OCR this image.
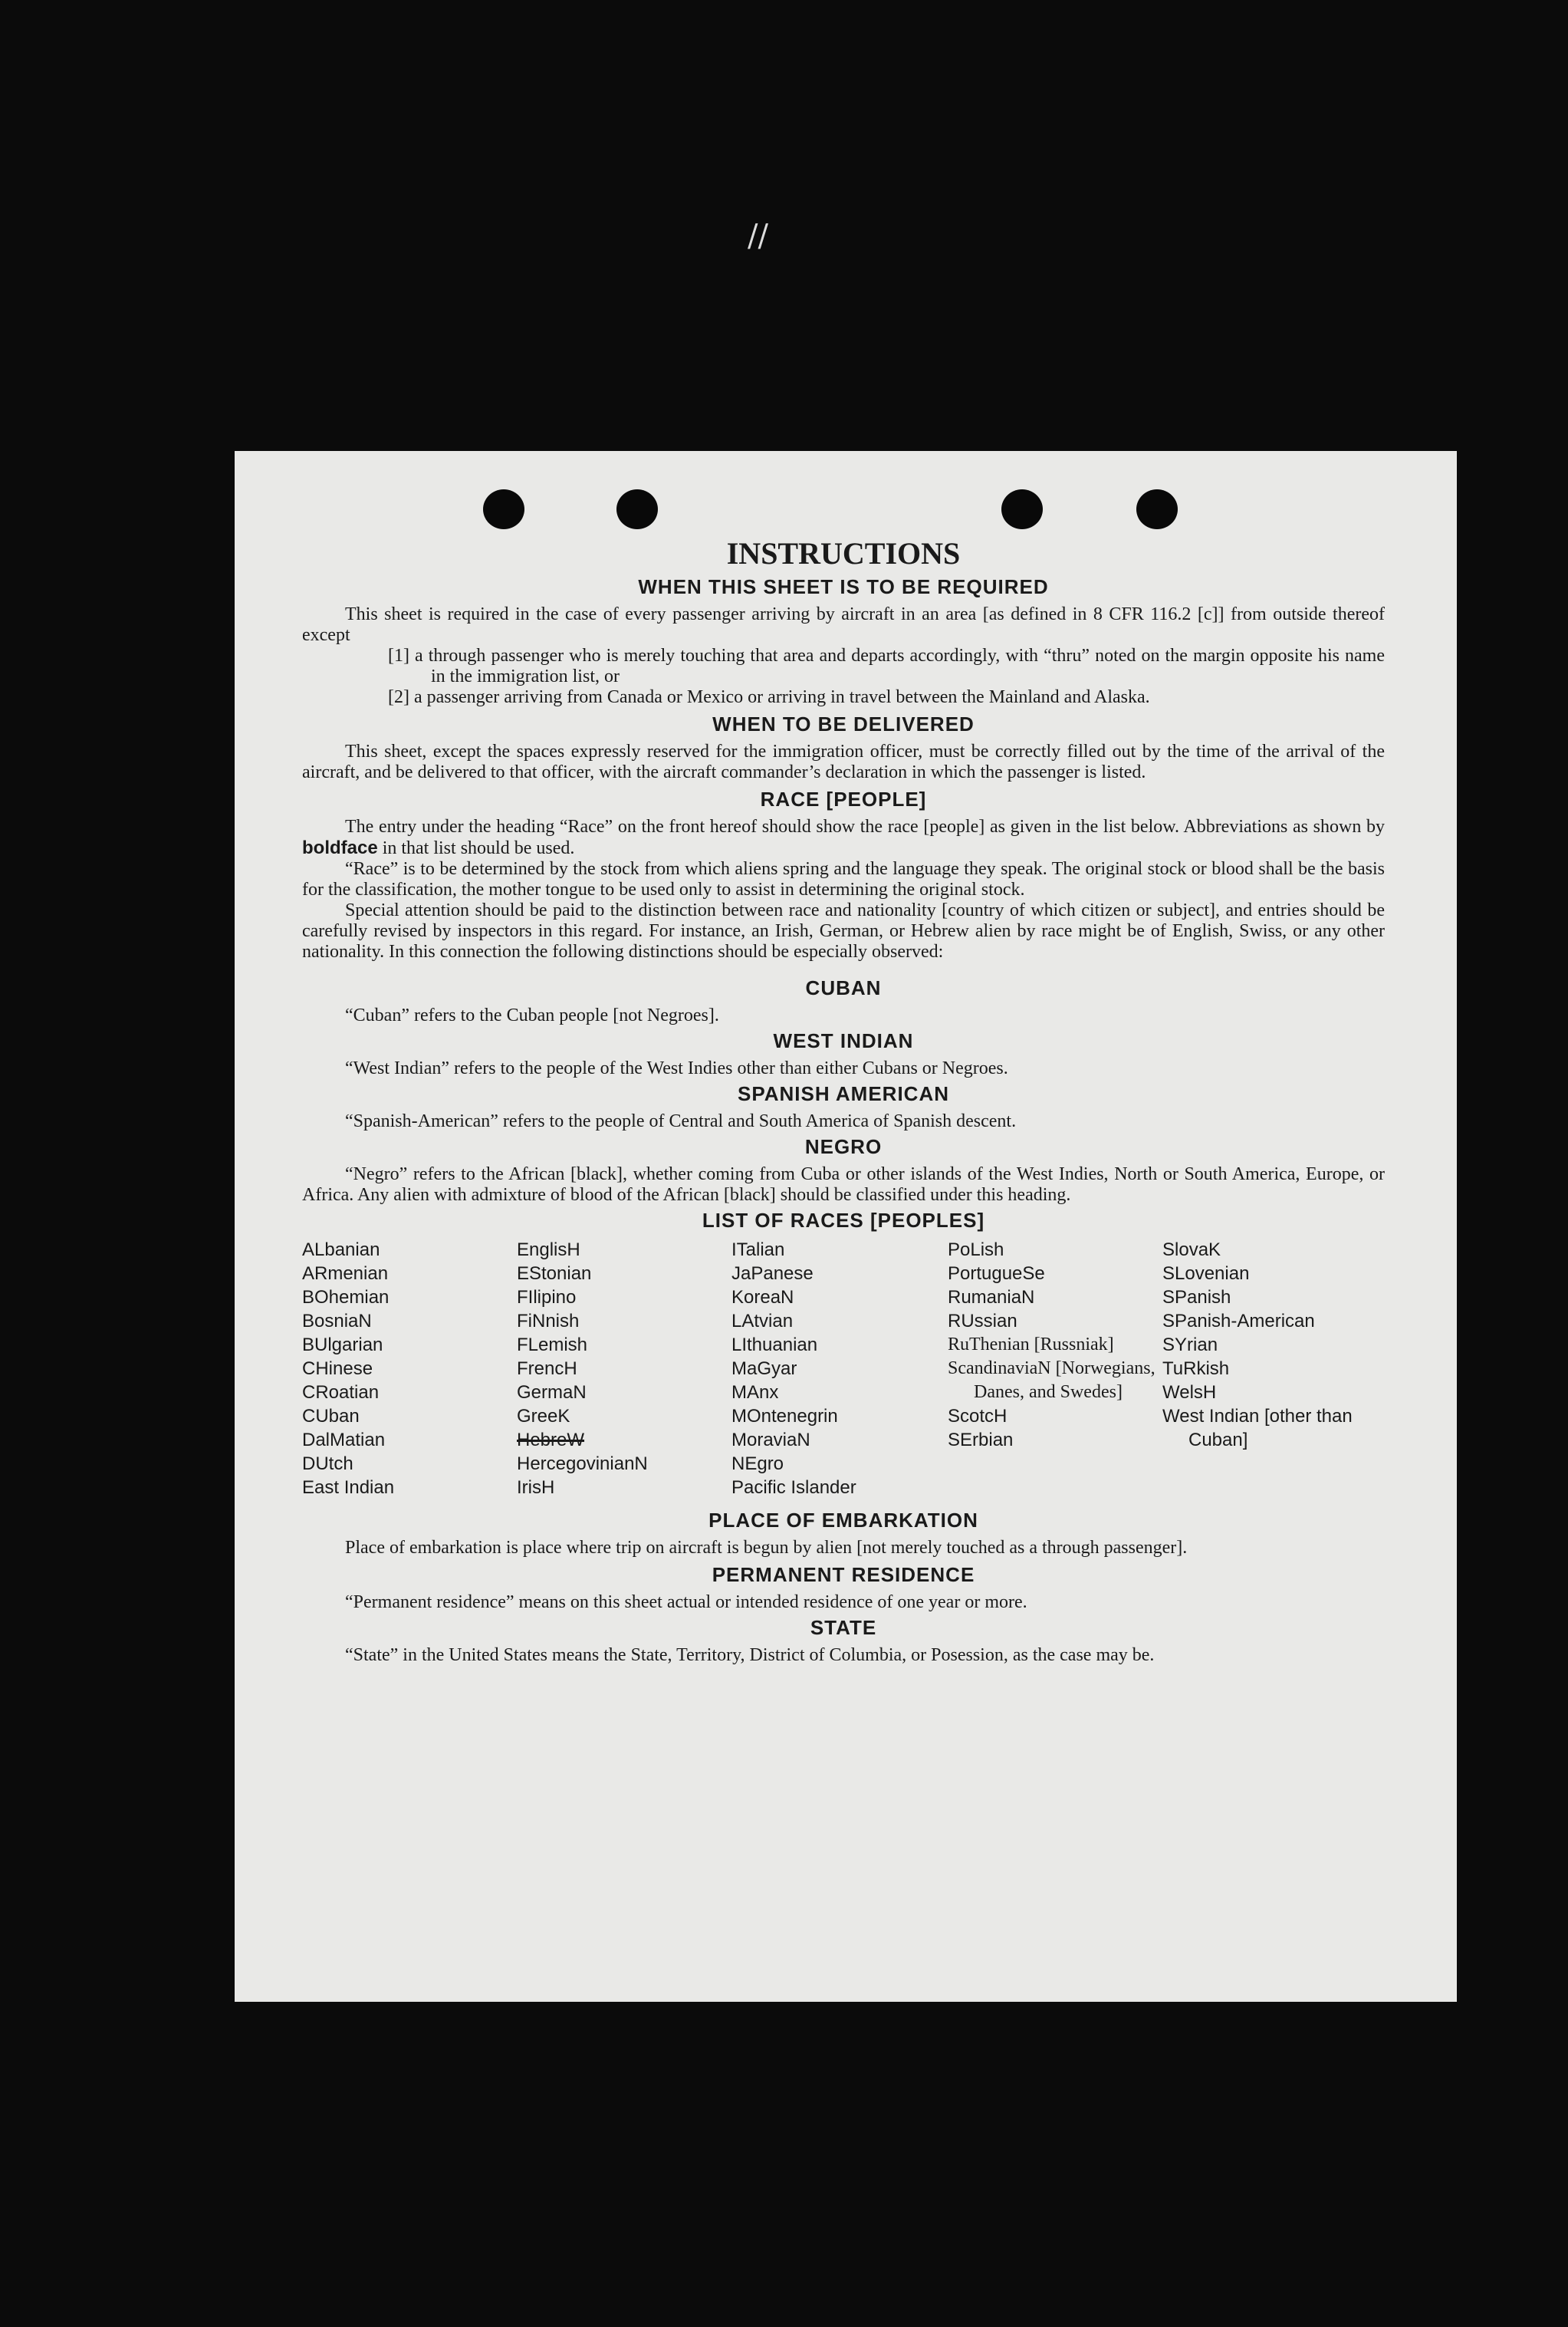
//
INSTRUCTIONS
WHEN THIS SHEET IS TO BE REQUIRED

This sheet is required in the case of every passenger arriving by aircraft in an area [as defined in 8 CFR 116.2 [c]] from outside thereof except

[1] a through passenger who is merely touching that area and departs accordingly, with “thru” noted on the margin opposite his name in the immigration list, or

[2] a passenger arriving from Canada or Mexico or arriving in travel between the Mainland and Alaska.

WHEN TO BE DELIVERED

This sheet, except the spaces expressly reserved for the immigration officer, must be correctly filled out by the time of the arrival of the aircraft, and be delivered to that officer, with the aircraft commander’s declaration in which the passenger is listed.

RACE [PEOPLE]

The entry under the heading “Race” on the front hereof should show the race [people] as given in the list below. Abbreviations as shown by boldface in that list should be used.

“Race” is to be determined by the stock from which aliens spring and the language they speak. The original stock or blood shall be the basis for the classification, the mother tongue to be used only to assist in determining the original stock.

Special attention should be paid to the distinction between race and nationality [country of which citizen or subject], and entries should be carefully revised by inspectors in this regard. For instance, an Irish, German, or Hebrew alien by race might be of English, Swiss, or any other nationality. In this connection the following distinctions should be especially observed:

CUBAN

“Cuban” refers to the Cuban people [not Negroes].

WEST INDIAN

“West Indian” refers to the people of the West Indies other than either Cubans or Negroes.

SPANISH AMERICAN

“Spanish-American” refers to the people of Central and South America of Spanish descent.

NEGRO

“Negro” refers to the African [black], whether coming from Cuba or other islands of the West Indies, North or South America, Europe, or Africa. Any alien with admixture of blood of the African [black] should be classified under this heading.

LIST OF RACES [PEOPLES]
ALbanian
ARmenian
BOhemian
BosniaN
BUlgarian
CHinese
CRoatian
CUban
DalMatian
DUtch
East Indian
EnglisH
EStonian
FIlipino
FiNnish
FLemish
FrencH
GermaN
GreeK
HebreW
HercegovinianN
IrisH
ITalian
JaPanese
KoreaN
LAtvian
LIthuanian
MaGyar
MAnx
MOntenegrin
MoraviaN
NEgro
Pacific Islander
PoLish
PortugueSe
RumaniaN
RUssian
RuThenian [Russniak]
ScandinaviaN [Norwegians, Danes, and Swedes]
ScotcH
SErbian
SlovaK
SLovenian
SPanish
SPanish-American
SYrian
TuRkish
WelsH
West Indian [other than Cuban]
PLACE OF EMBARKATION

Place of embarkation is place where trip on aircraft is begun by alien [not merely touched as a through passenger].

PERMANENT RESIDENCE

“Permanent residence” means on this sheet actual or intended residence of one year or more.

STATE

“State” in the United States means the State, Territory, District of Columbia, or Posession, as the case may be.
